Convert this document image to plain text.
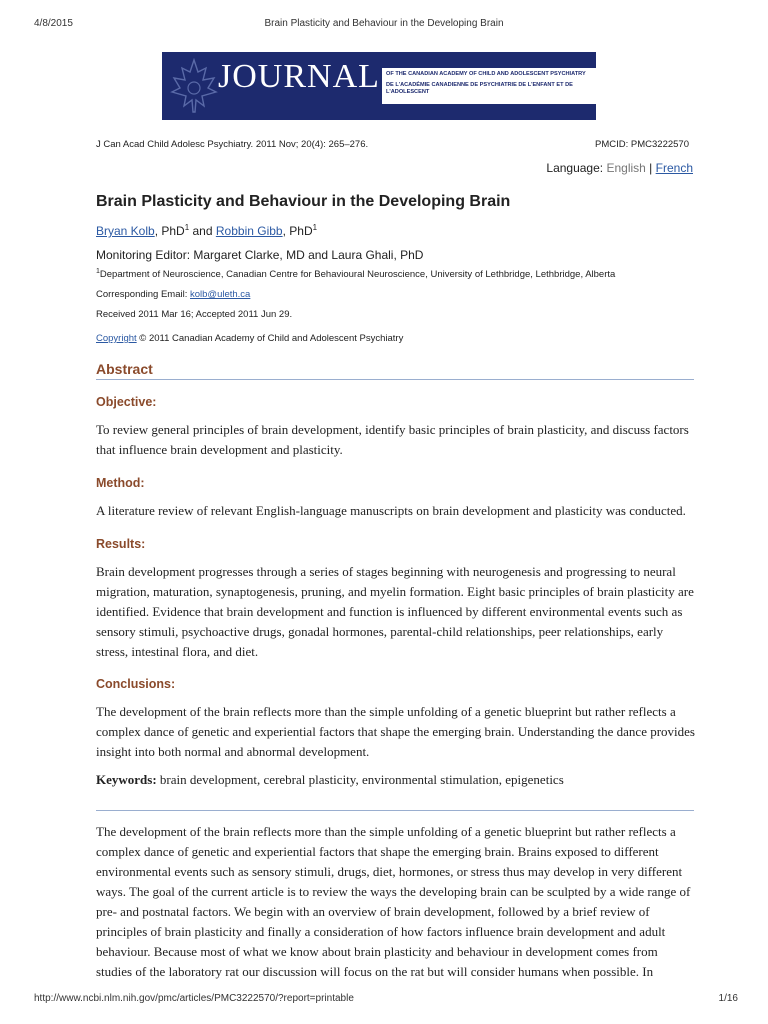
4/8/2015	Brain Plasticity and Behaviour in the Developing Brain
JOURNAL OF THE CANADIAN ACADEMY OF CHILD AND ADOLESCENT PSYCHIATRY
DE L'ACADÉMIE CANADIENNE DE PSYCHIATRIE DE L'ENFANT ET DE L'ADOLESCENT
J Can Acad Child Adolesc Psychiatry. 2011 Nov; 20(4): 265–276.	PMCID: PMC3222570
Language: English | French
Brain Plasticity and Behaviour in the Developing Brain
Bryan Kolb, PhD$^1$ and Robbin Gibb, PhD$^1$
Monitoring Editor: Margaret Clarke, MD and Laura Ghali, PhD
$^1$Department of Neuroscience, Canadian Centre for Behavioural Neuroscience, University of Lethbridge, Lethbridge, Alberta
Corresponding Email: kolb@uleth.ca
Received 2011 Mar 16; Accepted 2011 Jun 29.
Copyright © 2011 Canadian Academy of Child and Adolescent Psychiatry
Abstract
Objective:
To review general principles of brain development, identify basic principles of brain plasticity, and discuss factors that influence brain development and plasticity.
Method:
A literature review of relevant English-language manuscripts on brain development and plasticity was conducted.
Results:
Brain development progresses through a series of stages beginning with neurogenesis and progressing to neural migration, maturation, synaptogenesis, pruning, and myelin formation. Eight basic principles of brain plasticity are identified. Evidence that brain development and function is influenced by different environmental events such as sensory stimuli, psychoactive drugs, gonadal hormones, parental-child relationships, peer relationships, early stress, intestinal flora, and diet.
Conclusions:
The development of the brain reflects more than the simple unfolding of a genetic blueprint but rather reflects a complex dance of genetic and experiential factors that shape the emerging brain. Understanding the dance provides insight into both normal and abnormal development.
Keywords: brain development, cerebral plasticity, environmental stimulation, epigenetics
The development of the brain reflects more than the simple unfolding of a genetic blueprint but rather reflects a complex dance of genetic and experiential factors that shape the emerging brain. Brains exposed to different environmental events such as sensory stimuli, drugs, diet, hormones, or stress thus may develop in very different ways. The goal of the current article is to review the ways the developing brain can be sculpted by a wide range of pre- and postnatal factors. We begin with an overview of brain development, followed by a brief review of principles of brain plasticity and finally a consideration of how factors influence brain development and adult behaviour. Because most of what we know about brain plasticity and behaviour in development comes from studies of the laboratory rat our discussion will focus on the rat but will consider humans when possible. In
http://www.ncbi.nlm.nih.gov/pmc/articles/PMC3222570/?report=printable	1/16
